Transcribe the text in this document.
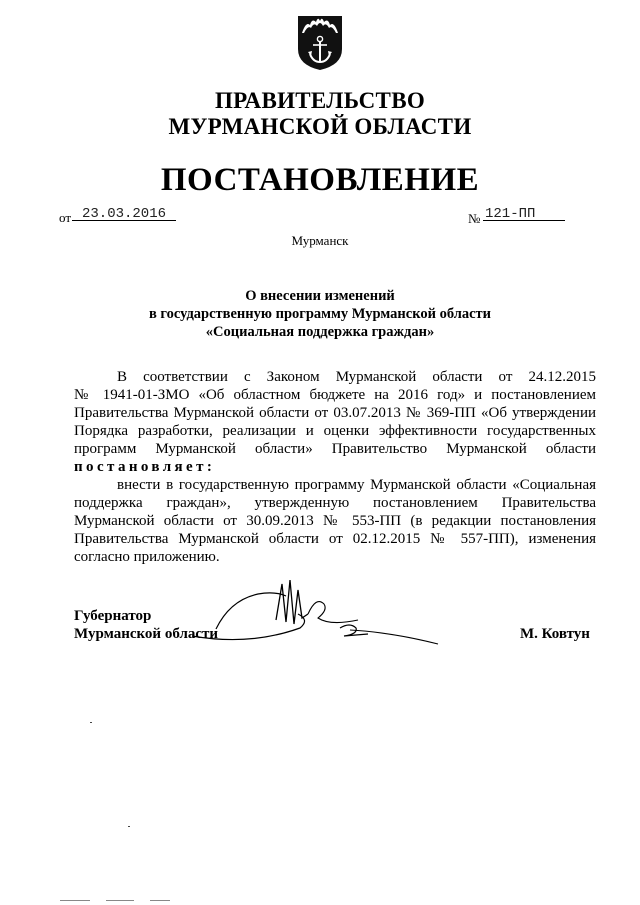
ПРАВИТЕЛЬСТВО
МУРМАНСКОЙ ОБЛАСТИ
ПОСТАНОВЛЕНИЕ
от 23.03.2016	№ 121-ПП
Мурманск
О внесении изменений
в государственную программу Мурманской области
«Социальная поддержка граждан»
В соответствии с Законом Мурманской области от 24.12.2015
№ 1941-01-ЗМО «Об областном бюджете на 2016 год» и постановлением
Правительства Мурманской области от 03.07.2013 № 369-ПП «Об утверждении
Порядка разработки, реализации и оценки эффективности государственных
программ Мурманской области» Правительство Мурманской области
постановляет:
внести в государственную программу Мурманской области «Социальная
поддержка граждан», утвержденную постановлением Правительства
Мурманской области от 30.09.2013 № 553-ПП (в редакции постановления
Правительства Мурманской области от 02.12.2015 № 557-ПП), изменения
согласно приложению.
Губернатор
Мурманской области	М. Ковтун
